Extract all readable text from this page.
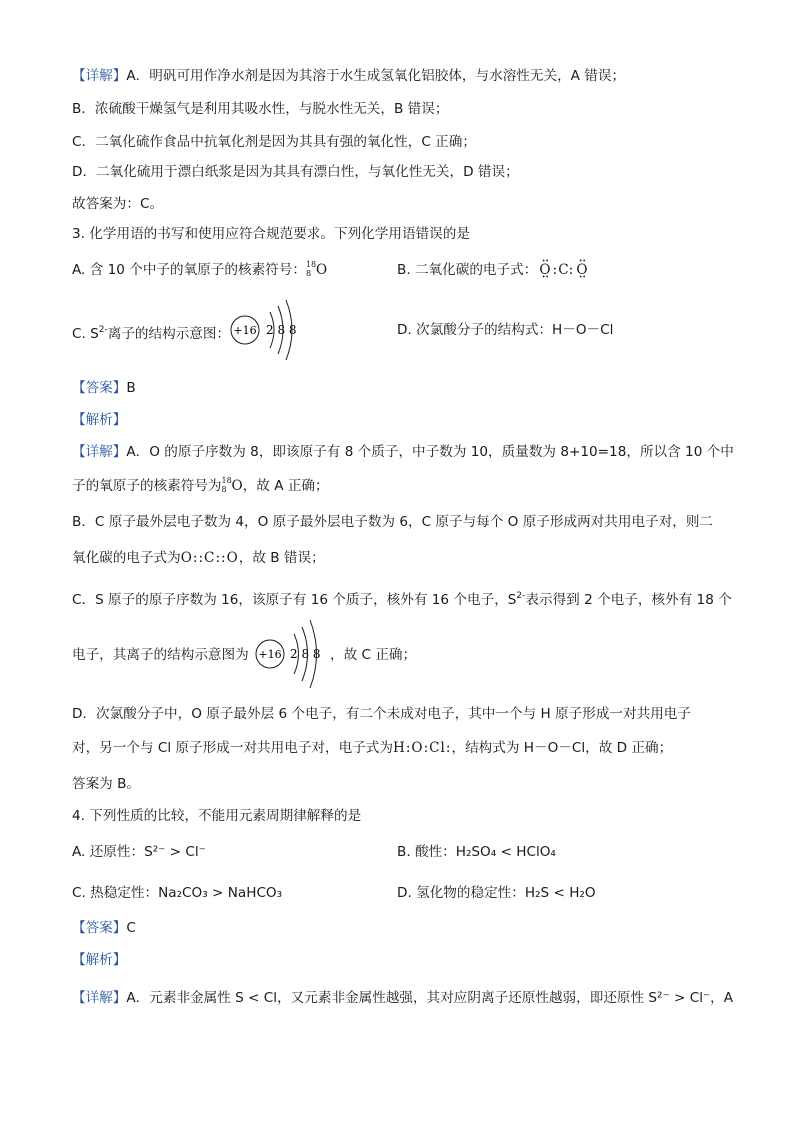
【详解】A．明矾可用作净水剂是因为其溶于水生成氢氧化铝胶体，与水溶性无关，A 错误；
B．浓硫酸干燥氢气是利用其吸水性，与脱水性无关，B 错误；
C．二氧化硫作食品中抗氧化剂是因为其具有强的氧化性，C 正确；
D．二氧化硫用于漂白纸浆是因为其具有漂白性，与氧化性无关，D 错误；
故答案为：C。
3. 化学用语的书写和使用应符合规范要求。下列化学用语错误的是
A. 含 10 个中子的氧原子的核素符号： 18
8 O	B. 二氧化碳的电子式： • • O • • :C: • • O • •
C. $S^{2-}$离子的结构示意图： +16 2 8 8	D. 次氯酸分子的结构式：H－O－Cl
【答案】B
【解析】
【详解】A．O 的原子序数为 8，即该原子有 8 个质子，中子数为 10，质量数为 8+10=18，所以含 10 个中
子的氧原子的核素符号为 18
8 O，故 A 正确；
B．C 原子最外层电子数为 4，O 原子最外层电子数为 6，C 原子与每个 O 原子形成两对共用电子对，则二
氧化碳的电子式为O::C::O，故 B 错误；
C．S 原子的原子序数为 16，该原子有 16 个质子，核外有 16 个电子，$S^{2-}$表示得到 2 个电子，核外有 18 个
电子，其离子的结构示意图为 +16 2 8 8 ，故 C 正确；
D．次氯酸分子中，O 原子最外层 6 个电子，有二个未成对电子，其中一个与 H 原子形成一对共用电子
对，另一个与 Cl 原子形成一对共用电子对，电子式为H:O:Cl:，结构式为 H－O－Cl，故 D 正确；
答案为 B。
4. 下列性质的比较，不能用元素周期律解释的是
A. 还原性：S²⁻ > Cl⁻	B. 酸性：H₂SO₄ < HClO₄
C. 热稳定性：Na₂CO₃ > NaHCO₃	D. 氢化物的稳定性：H₂S < H₂O
【答案】C
【解析】
【详解】A．元素非金属性 S < Cl，又元素非金属性越强，其对应阴离子还原性越弱，即还原性 S²⁻ > Cl⁻，A
